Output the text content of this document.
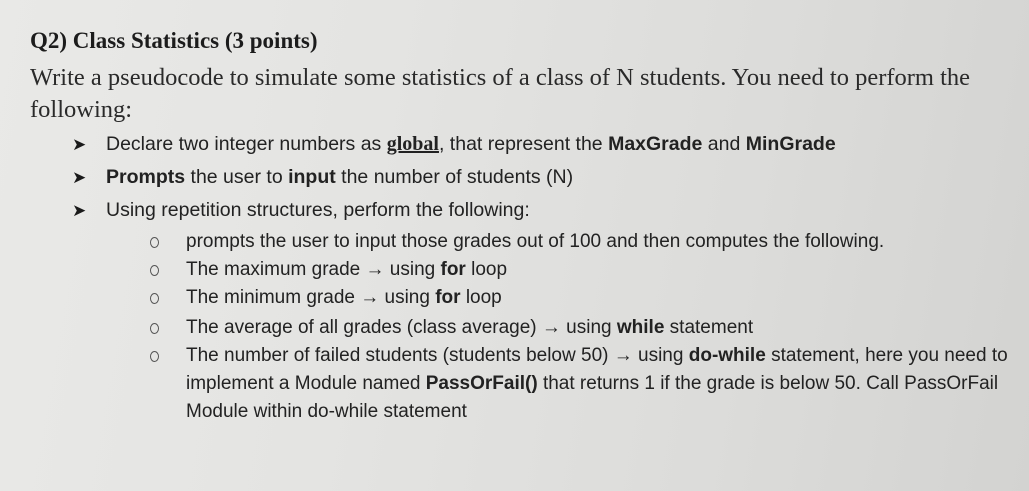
Q2) Class Statistics (3 points)
Write a pseudocode to simulate some statistics of a class of N students. You need to perform the following:
➤ Declare two integer numbers as global, that represent the MaxGrade and MinGrade
➤ Prompts the user to input the number of students (N)
➤ Using repetition structures, perform the following:
prompts the user to input those grades out of 100 and then computes the following.
The maximum grade → using for loop
The minimum grade → using for loop
The average of all grades (class average) → using while statement
The number of failed students (students below 50) → using do-while statement, here you need to implement a Module named PassOrFail() that returns 1 if the grade is below 50. Call PassOrFail Module within do-while statement
